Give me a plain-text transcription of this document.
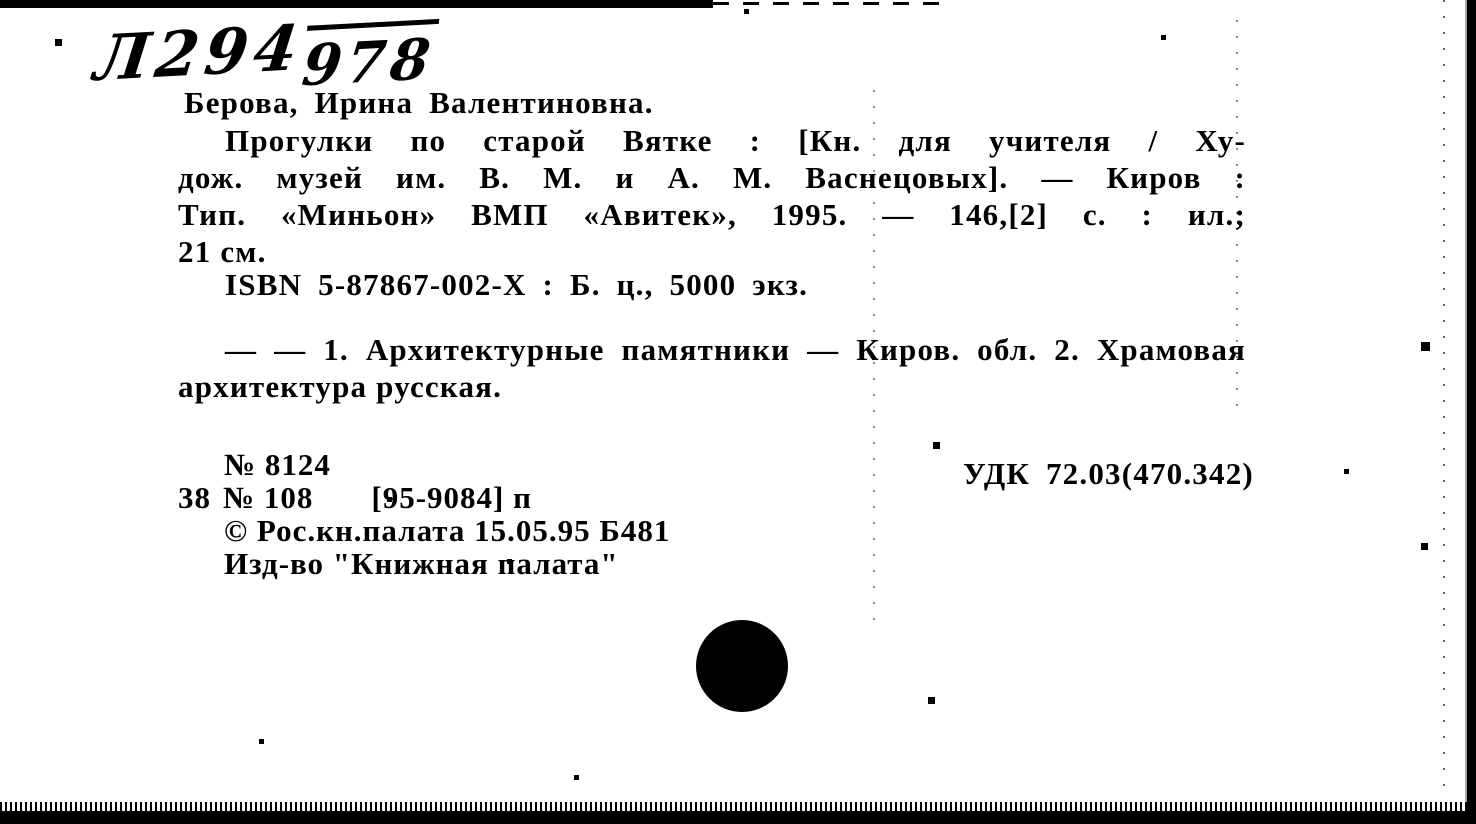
Л294978
Берова, Ирина Валентиновна.
Прогулки по старой Вятке : [Кн. для учителя / Ху-
дож. музей им. В. М. и А. М. Васнецовых]. — Киров :
Тип. «Миньон» ВМП «Авитек», 1995. — 146,[2] с. : ил.;
21 см.
ISBN 5-87867-002-X : Б. ц., 5000 экз.
— — 1. Архитектурные памятники — Киров. обл. 2. Храмовая
архитектура русская.
№ 8124
38 № 108 [95-9084] п
© Рос.кн.палата 15.05.95 Б481
Изд-во "Книжная палата"
УДК 72.03(470.342)
